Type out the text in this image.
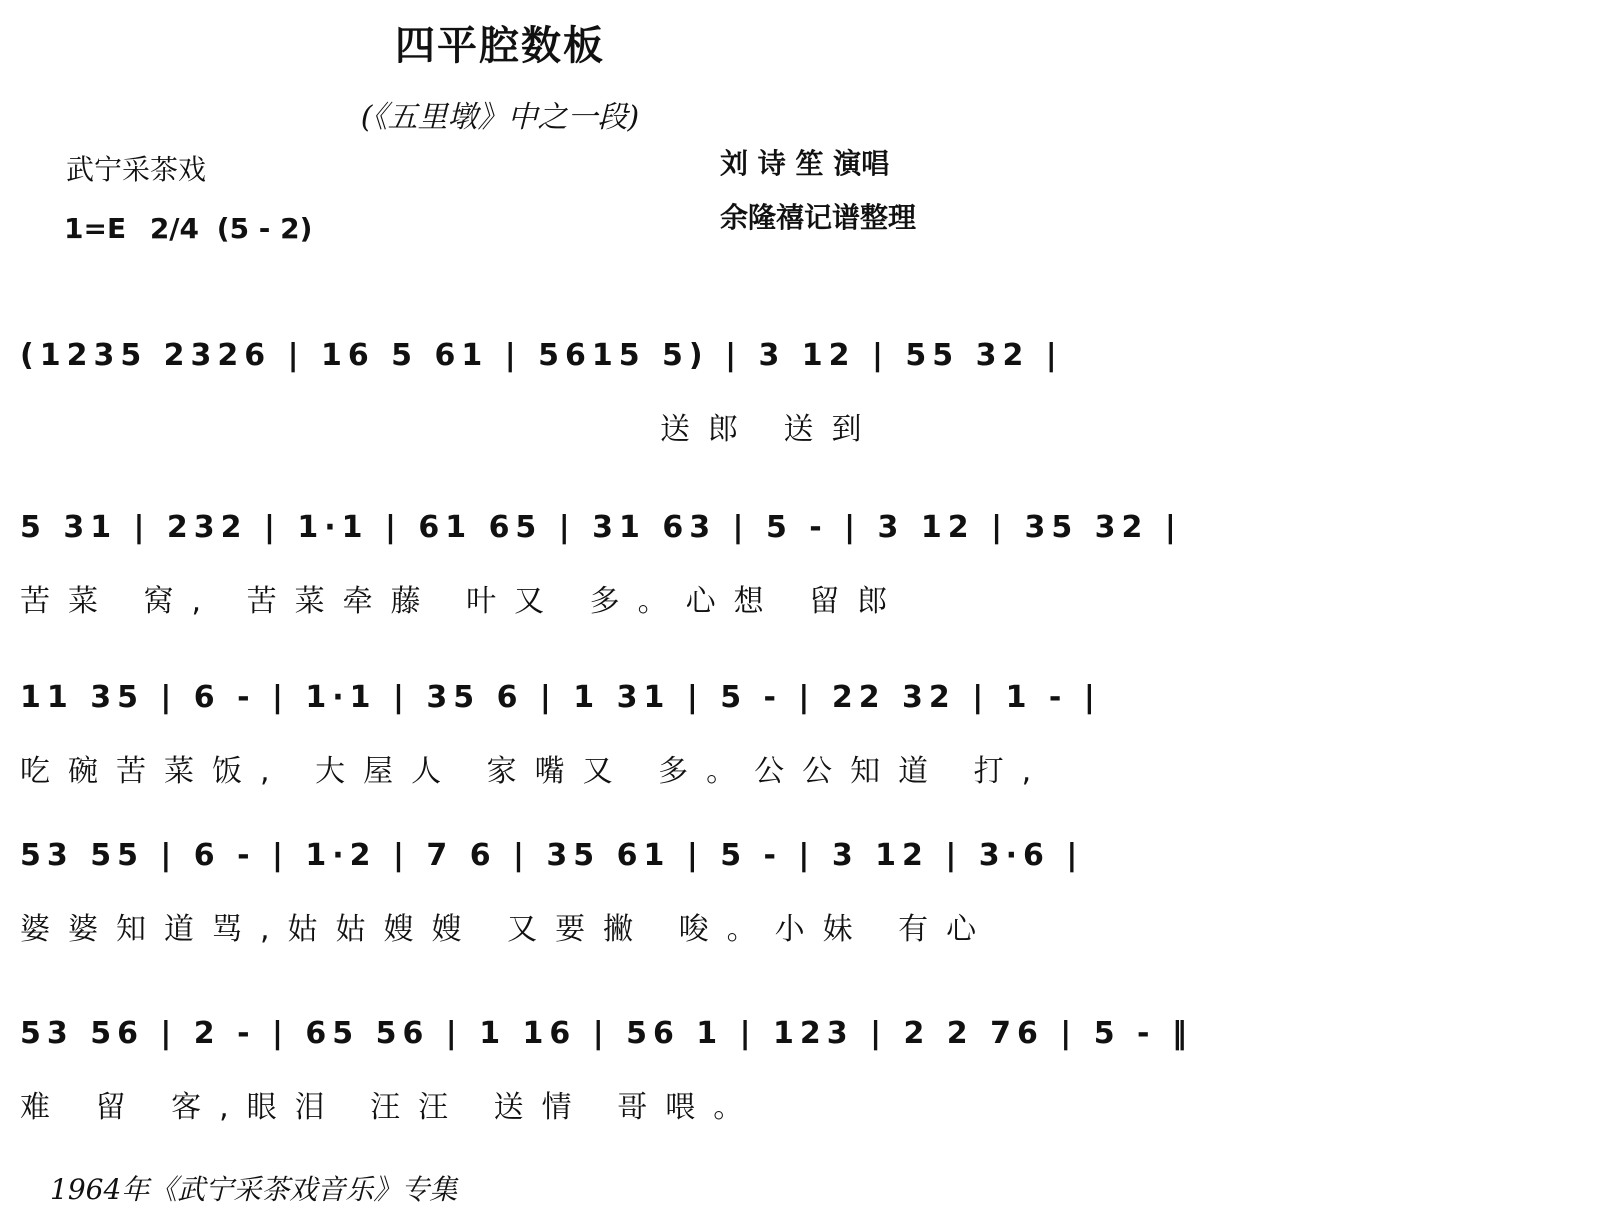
四平腔数板
(《五里墩》中之一段)
武宁采茶戏	刘 诗 笙 演唱
余隆禧记谱整理
1=E 2/4 (5 - 2)
(1235 2326 | 16 5 61 | 5615 5) | 3 12 | 55 32 |
送郎 送到
5 31 | 232 | 1·1 | 61 65 | 31 63 | 5 - | 3 12 | 35 32 |
苦菜 窝, 苦菜牵藤 叶又 多。心想 留郎
11 35 | 6 - | 1·1 | 35 6 | 1 31 | 5 - | 22 32 | 1 - |
吃碗苦菜饭, 大屋人 家嘴又 多。公公知道 打,
53 55 | 6 - | 1·2 | 7 6 | 35 61 | 5 - | 3 12 | 3·6 |
婆婆知道骂,姑姑嫂嫂 又要撇 唆。小妹 有心
53 56 | 2 - | 65 56 | 1 16 | 56 1 | 123 | 2 2 76 | 5 - ‖
难 留 客,眼泪 汪汪 送情 哥喂。
1964年《武宁采茶戏音乐》专集
